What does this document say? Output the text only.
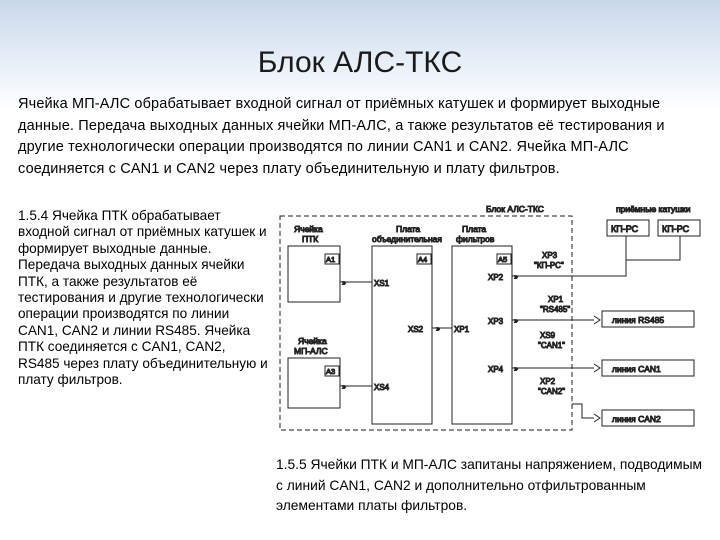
Блок АЛС-ТКС
Ячейка МП-АЛС обрабатывает входной сигнал от приёмных катушек и формирует выходные данные. Передача выходных данных ячейки МП-АЛС, а также результатов её тестирования и другие технологически операции производятся по линии CAN1 и CAN2. Ячейка МП-АЛС соединяется с CAN1 и CAN2 через плату объединительную и плату фильтров.
1.5.4 Ячейка ПТК обрабатывает входной сигнал от приёмных катушек и формирует выходные данные. Передача выходных данных ячейки ПТК, а также результатов её тестирования и другие технологически операции производятся по линии CAN1, CAN2 и линии RS485. Ячейка ПТК соединяется с CAN1, CAN2, RS485 через плату объединительную и плату фильтров.
1.5.5 Ячейки ПТК и МП-АЛС запитаны напряжением, подводимым с линий CAN1, CAN2 и дополнительно отфильтрованным элементами платы фильтров.
Блок АЛС-ТКС	приёмные катушки
КП-РС	КП-РС
Ячейка
ПТК
А1
Ячейка
МП-АЛС
А3
Плата
объединительная
А4
Плата
фильтров
А5
XS1
XS2
XS4
XP1
XP2
XP3
XP4
»
»
»
»
»
»
XP3
"КП-РС"
XP1
"RS485"
XS9
"CAN1"
XP2
"CAN2"
линия RS485
линия CAN1
линия CAN2
